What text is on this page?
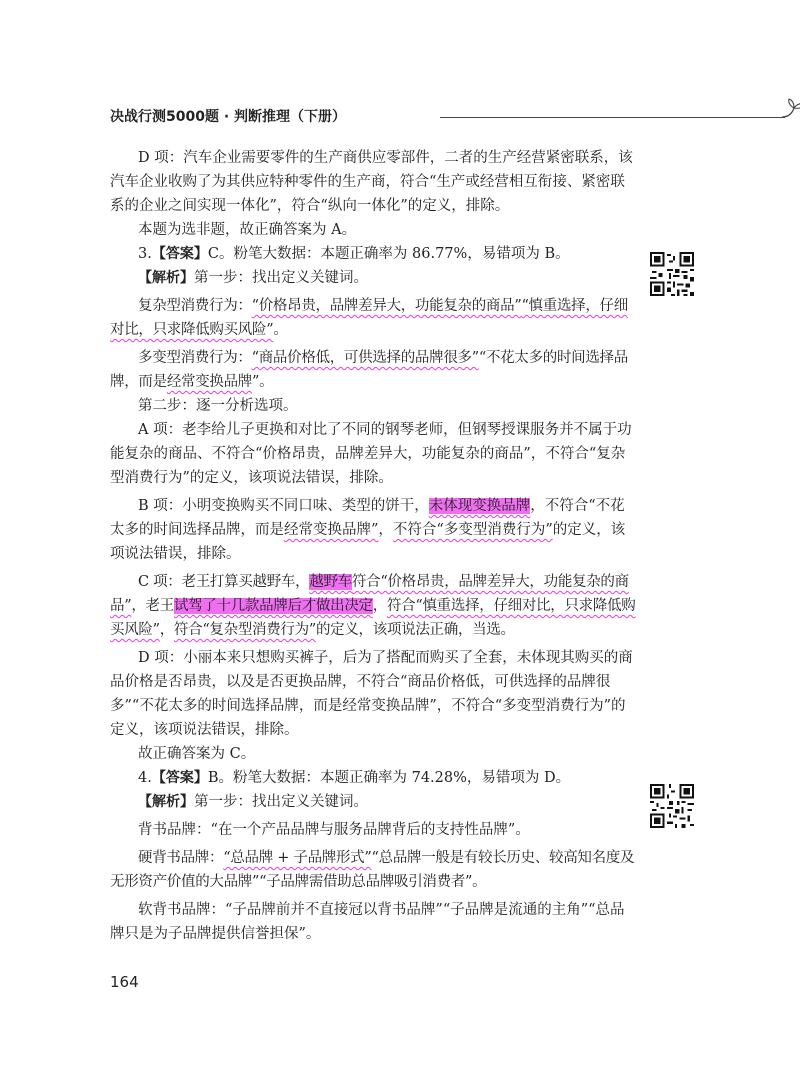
决战行测5000题 · 判断推理（下册）

D 项：汽车企业需要零件的生产商供应零部件，二者的生产经营紧密联系，该汽车企业收购了为其供应特种零件的生产商，符合“生产或经营相互衔接、紧密联系的企业之间实现一体化”，符合“纵向一体化”的定义，排除。

本题为选非题，故正确答案为 A。

3.【答案】C。粉笔大数据：本题正确率为 86.77%，易错项为 B。

【解析】第一步：找出定义关键词。

复杂型消费行为：“价格昂贵，品牌差异大，功能复杂的商品”“慎重选择，仔细对比，只求降低购买风险”。

多变型消费行为：“商品价格低，可供选择的品牌很多”“不花太多的时间选择品牌，而是经常变换品牌”。

第二步：逐一分析选项。

A 项：老李给儿子更换和对比了不同的钢琴老师，但钢琴授课服务并不属于功能复杂的商品、不符合“价格昂贵，品牌差异大，功能复杂的商品”，不符合“复杂型消费行为”的定义，该项说法错误，排除。

B 项：小明变换购买不同口味、类型的饼干，未体现变换品牌，不符合“不花太多的时间选择品牌，而是经常变换品牌”，不符合“多变型消费行为”的定义，该项说法错误，排除。

C 项：老王打算买越野车，越野车符合“价格昂贵，品牌差异大，功能复杂的商品”，老王试驾了十几款品牌后才做出决定，符合“慎重选择，仔细对比，只求降低购买风险”，符合“复杂型消费行为”的定义，该项说法正确，当选。

D 项：小丽本来只想购买裤子，后为了搭配而购买了全套，未体现其购买的商品价格是否昂贵，以及是否更换品牌，不符合“商品价格低，可供选择的品牌很多”“不花太多的时间选择品牌，而是经常变换品牌”，不符合“多变型消费行为”的定义，该项说法错误，排除。

故正确答案为 C。

4.【答案】B。粉笔大数据：本题正确率为 74.28%，易错项为 D。

【解析】第一步：找出定义关键词。

背书品牌：“在一个产品品牌与服务品牌背后的支持性品牌”。

硬背书品牌：“总品牌 + 子品牌形式”“总品牌一般是有较长历史、较高知名度及无形资产价值的大品牌”“子品牌需借助总品牌吸引消费者”。

软背书品牌：“子品牌前并不直接冠以背书品牌”“子品牌是流通的主角”“总品牌只是为子品牌提供信誉担保”。

164
